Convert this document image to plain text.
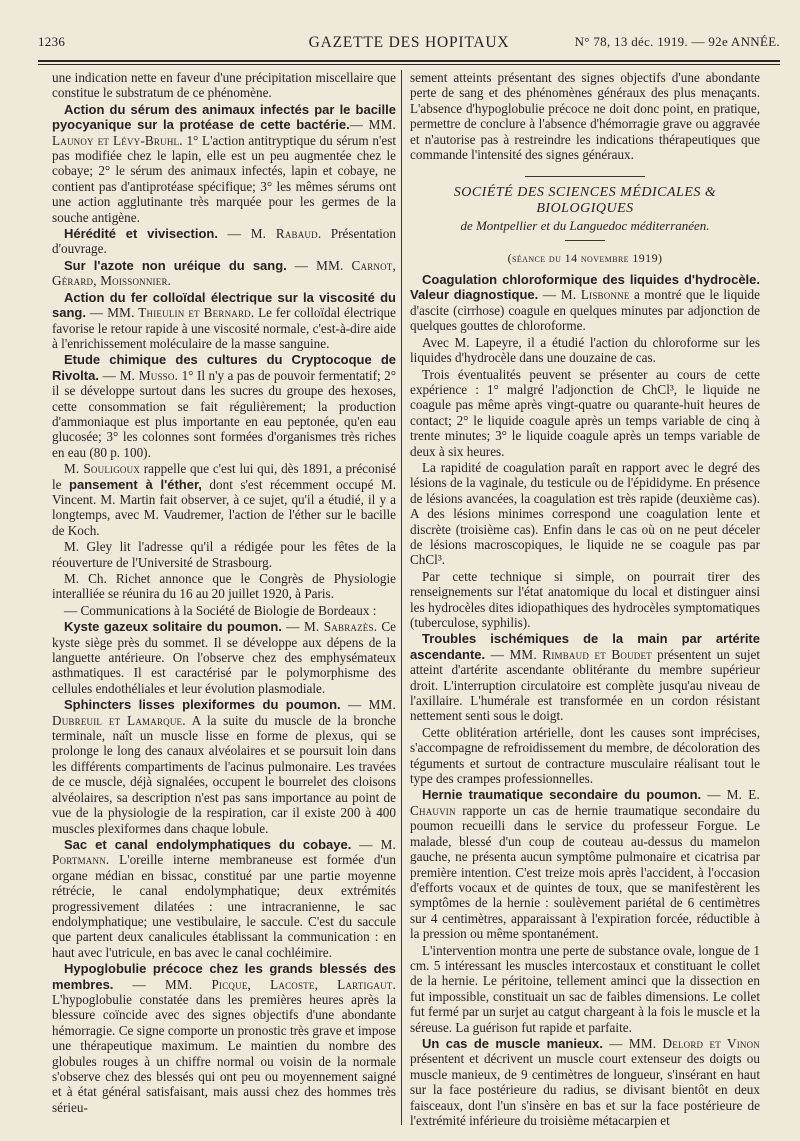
1236	GAZETTE DES HOPITAUX	N° 78, 13 déc. 1919. — 92e ANNÉE.

une indication nette en faveur d'une précipitation miscellaire que constitue le substratum de ce phénomène.

Action du sérum des animaux infectés par le bacille pyocyanique sur la protéase de cette bactérie.— MM. Launoy et Lévy-Bruhl. 1° L'action antitryptique du sérum n'est pas modifiée chez le lapin, elle est un peu augmentée chez le cobaye; 2° le sérum des animaux infectés, lapin et cobaye, ne contient pas d'antiprotéase spécifique; 3° les mêmes sérums ont une action agglutinante très marquée pour les germes de la souche antigène.

Hérédité et vivisection. — M. Rabaud. Présentation d'ouvrage.

Sur l'azote non uréique du sang. — MM. Carnot, Gérard, Moissonnier.

Action du fer colloïdal électrique sur la viscosité du sang. — MM. Thieulin et Bernard. Le fer colloïdal électrique favorise le retour rapide à une viscosité normale, c'est-à-dire aide à l'enrichissement moléculaire de la masse sanguine.

Etude chimique des cultures du Cryptocoque de Rivolta. — M. Musso. 1° Il n'y a pas de pouvoir fermentatif; 2° il se développe surtout dans les sucres du groupe des hexoses, cette consommation se fait régulièrement; la production d'ammoniaque est plus importante en eau peptonée, qu'en eau glucosée; 3° les colonnes sont formées d'organismes très riches en eau (80 p. 100).

M. Souligoux rappelle que c'est lui qui, dès 1891, a préconisé le pansement à l'éther, dont s'est récemment occupé M. Vincent. M. Martin fait observer, à ce sujet, qu'il a étudié, il y a longtemps, avec M. Vaudremer, l'action de l'éther sur le bacille de Koch.

M. Gley lit l'adresse qu'il a rédigée pour les fêtes de la réouverture de l'Université de Strasbourg.

M. Ch. Richet annonce que le Congrès de Physiologie interalliée se réunira du 16 au 20 juillet 1920, à Paris.

— Communications à la Société de Biologie de Bordeaux :

Kyste gazeux solitaire du poumon. — M. Sabrazès. Ce kyste siège près du sommet. Il se développe aux dépens de la languette antérieure. On l'observe chez des emphysémateux asthmatiques. Il est caractérisé par le polymorphisme des cellules endothéliales et leur évolution plasmodiale.

Sphincters lisses plexiformes du poumon. — MM. Dubreuil et Lamarque. A la suite du muscle de la bronche terminale, naît un muscle lisse en forme de plexus, qui se prolonge le long des canaux alvéolaires et se poursuit loin dans les différents compartiments de l'acinus pulmonaire. Les travées de ce muscle, déjà signalées, occupent le bourrelet des cloisons alvéolaires, sa description n'est pas sans importance au point de vue de la physiologie de la respiration, car il existe 200 à 400 muscles plexiformes dans chaque lobule.

Sac et canal endolymphatiques du cobaye. — M. Portmann. L'oreille interne membraneuse est formée d'un organe médian en bissac, constitué par une partie moyenne rétrécie, le canal endolymphatique; deux extrémités progressivement dilatées : une intracranienne, le sac endolymphatique; une vestibulaire, le saccule. C'est du saccule que partent deux canalicules établissant la communication : en haut avec l'utricule, en bas avec le canal cochléimire.

Hypoglobulie précoce chez les grands blessés des membres. — MM. Picque, Lacoste, Lartigaut. L'hypoglobulie constatée dans les premières heures après la blessure coïncide avec des signes objectifs d'une abondante hémorragie. Ce signe comporte un pronostic très grave et impose une thérapeutique maximum. Le maintien du nombre des globules rouges à un chiffre normal ou voisin de la normale s'observe chez des blessés qui ont peu ou moyennement saigné et à état général satisfaisant, mais aussi chez des hommes très sérieu-

sement atteints présentant des signes objectifs d'une abondante perte de sang et des phénomènes généraux des plus menaçants. L'absence d'hypoglobulie précoce ne doit donc point, en pratique, permettre de conclure à l'absence d'hémorragie grave ou aggravée et n'autorise pas à restreindre les indications thérapeutiques que commande l'intensité des signes généraux.

SOCIÉTÉ DES SCIENCES MÉDICALES & BIOLOGIQUES
de Montpellier et du Languedoc méditerranéen.
(séance du 14 novembre 1919)

Coagulation chloroformique des liquides d'hydrocèle. Valeur diagnostique. — M. Lisbonne a montré que le liquide d'ascite (cirrhose) coagule en quelques minutes par adjonction de quelques gouttes de chloroforme.

Avec M. Lapeyre, il a étudié l'action du chloroforme sur les liquides d'hydrocèle dans une douzaine de cas.

Trois éventualités peuvent se présenter au cours de cette expérience : 1° malgré l'adjonction de ChCl³, le liquide ne coagule pas même après vingt-quatre ou quarante-huit heures de contact; 2° le liquide coagule après un temps variable de cinq à trente minutes; 3° le liquide coagule après un temps variable de deux à six heures.

La rapidité de coagulation paraît en rapport avec le degré des lésions de la vaginale, du testicule ou de l'épididyme. En présence de lésions avancées, la coagulation est très rapide (deuxième cas). A des lésions minimes correspond une coagulation lente et discrète (troisième cas). Enfin dans le cas où on ne peut déceler de lésions macroscopiques, le liquide ne se coagule pas par ChCl³.

Par cette technique si simple, on pourrait tirer des renseignements sur l'état anatomique du local et distinguer ainsi les hydrocèles dites idiopathiques des hydrocèles symptomatiques (tuberculose, syphilis).

Troubles ischémiques de la main par artérite ascendante. — MM. Rimbaud et Boudet présentent un sujet atteint d'artérite ascendante oblitérante du membre supérieur droit. L'interruption circulatoire est complète jusqu'au niveau de l'axillaire. L'humérale est transformée en un cordon résistant nettement senti sous le doigt.

Cette oblitération artérielle, dont les causes sont imprécises, s'accompagne de refroidissement du membre, de décoloration des téguments et surtout de contracture musculaire réalisant tout le type des crampes professionnelles.

Hernie traumatique secondaire du poumon. — M. E. Chauvin rapporte un cas de hernie traumatique secondaire du poumon recueilli dans le service du professeur Forgue. Le malade, blessé d'un coup de couteau au-dessus du mamelon gauche, ne présenta aucun symptôme pulmonaire et cicatrisa par première intention. C'est treize mois après l'accident, à l'occasion d'efforts vocaux et de quintes de toux, que se manifestèrent les symptômes de la hernie : soulèvement pariétal de 6 centimètres sur 4 centimètres, apparaissant à l'expiration forcée, réductible à la pression ou même spontanément.

L'intervention montra une perte de substance ovale, longue de 1 cm. 5 intéressant les muscles intercostaux et constituant le collet de la hernie. Le péritoine, tellement aminci que la dissection en fut impossible, constituait un sac de faibles dimensions. Le collet fut fermé par un surjet au catgut chargeant à la fois le muscle et la séreuse. La guérison fut rapide et parfaite.

Un cas de muscle manieux. — MM. Delord et Vinon présentent et décrivent un muscle court extenseur des doigts ou muscle manieux, de 9 centimètres de longueur, s'insérant en haut sur la face postérieure du radius, se divisant bientôt en deux faisceaux, dont l'un s'insère en bas et sur la face postérieure de l'extrémité inférieure du troisième métacarpien et
